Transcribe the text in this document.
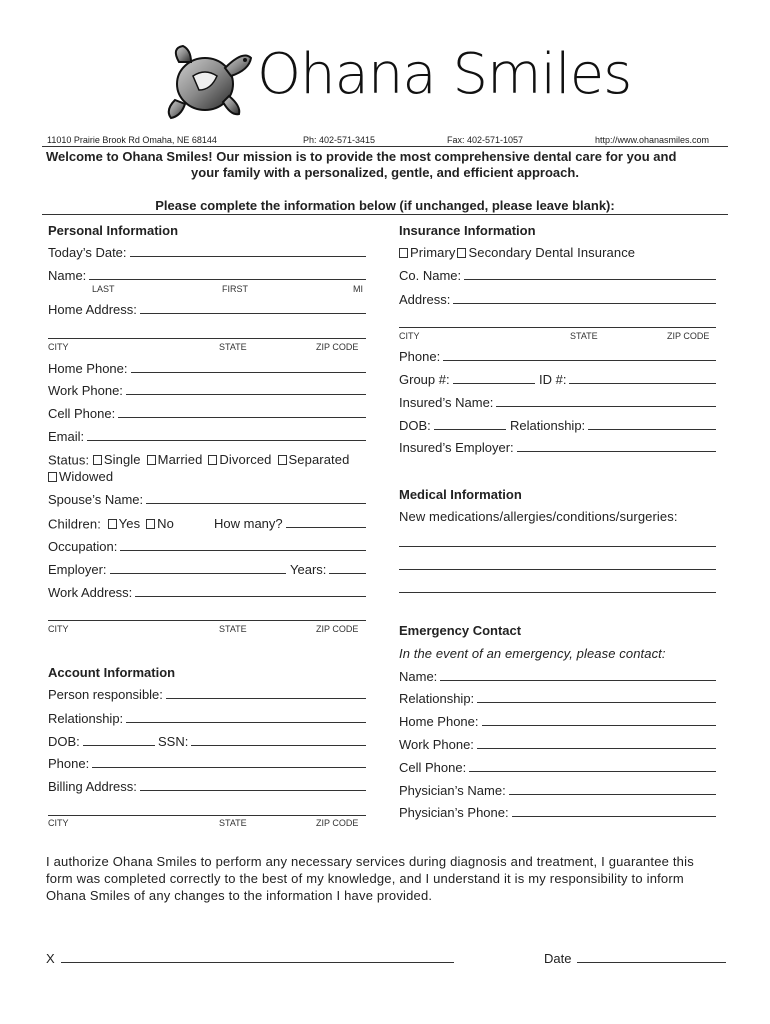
Ohana Smiles
11010 Prairie Brook Rd Omaha, NE 68144	Ph: 402-571-3415	Fax: 402-571-1057	http://www.ohanasmiles.com
Welcome to Ohana Smiles! Our mission is to provide the most comprehensive dental care for you and
your family with a personalized, gentle, and efficient approach.
Please complete the information below (if unchanged, please leave blank):
Personal Information
Today’s Date:
Name:
LAST	FIRST	MI
Home Address:
CITY	STATE	ZIP CODE
Home Phone:
Work Phone:
Cell Phone:
Email:
Status: Single Married Divorced Separated
Widowed
Spouse’s Name:
Children: Yes No	How many?
Occupation:
Employer:	Years:
Work Address:
CITY	STATE	ZIP CODE
Account Information
Person responsible:
Relationship:
DOB:	SSN:
Phone:
Billing Address:
CITY	STATE	ZIP CODE
Insurance Information
Primary Secondary Dental Insurance
Co. Name:
Address:
CITY	STATE	ZIP CODE
Phone:
Group #:	ID #:
Insured’s Name:
DOB:	Relationship:
Insured’s Employer:
Medical Information
New medications/allergies/conditions/surgeries:
Emergency Contact
In the event of an emergency, please contact:
Name:
Relationship:
Home Phone:
Work Phone:
Cell Phone:
Physician’s Name:
Physician’s Phone:
I authorize Ohana Smiles to perform any necessary services during diagnosis and treatment, I guarantee this
form was completed correctly to the best of my knowledge, and I understand it is my responsibility to inform
Ohana Smiles of any changes to the information I have provided.
X	Date
